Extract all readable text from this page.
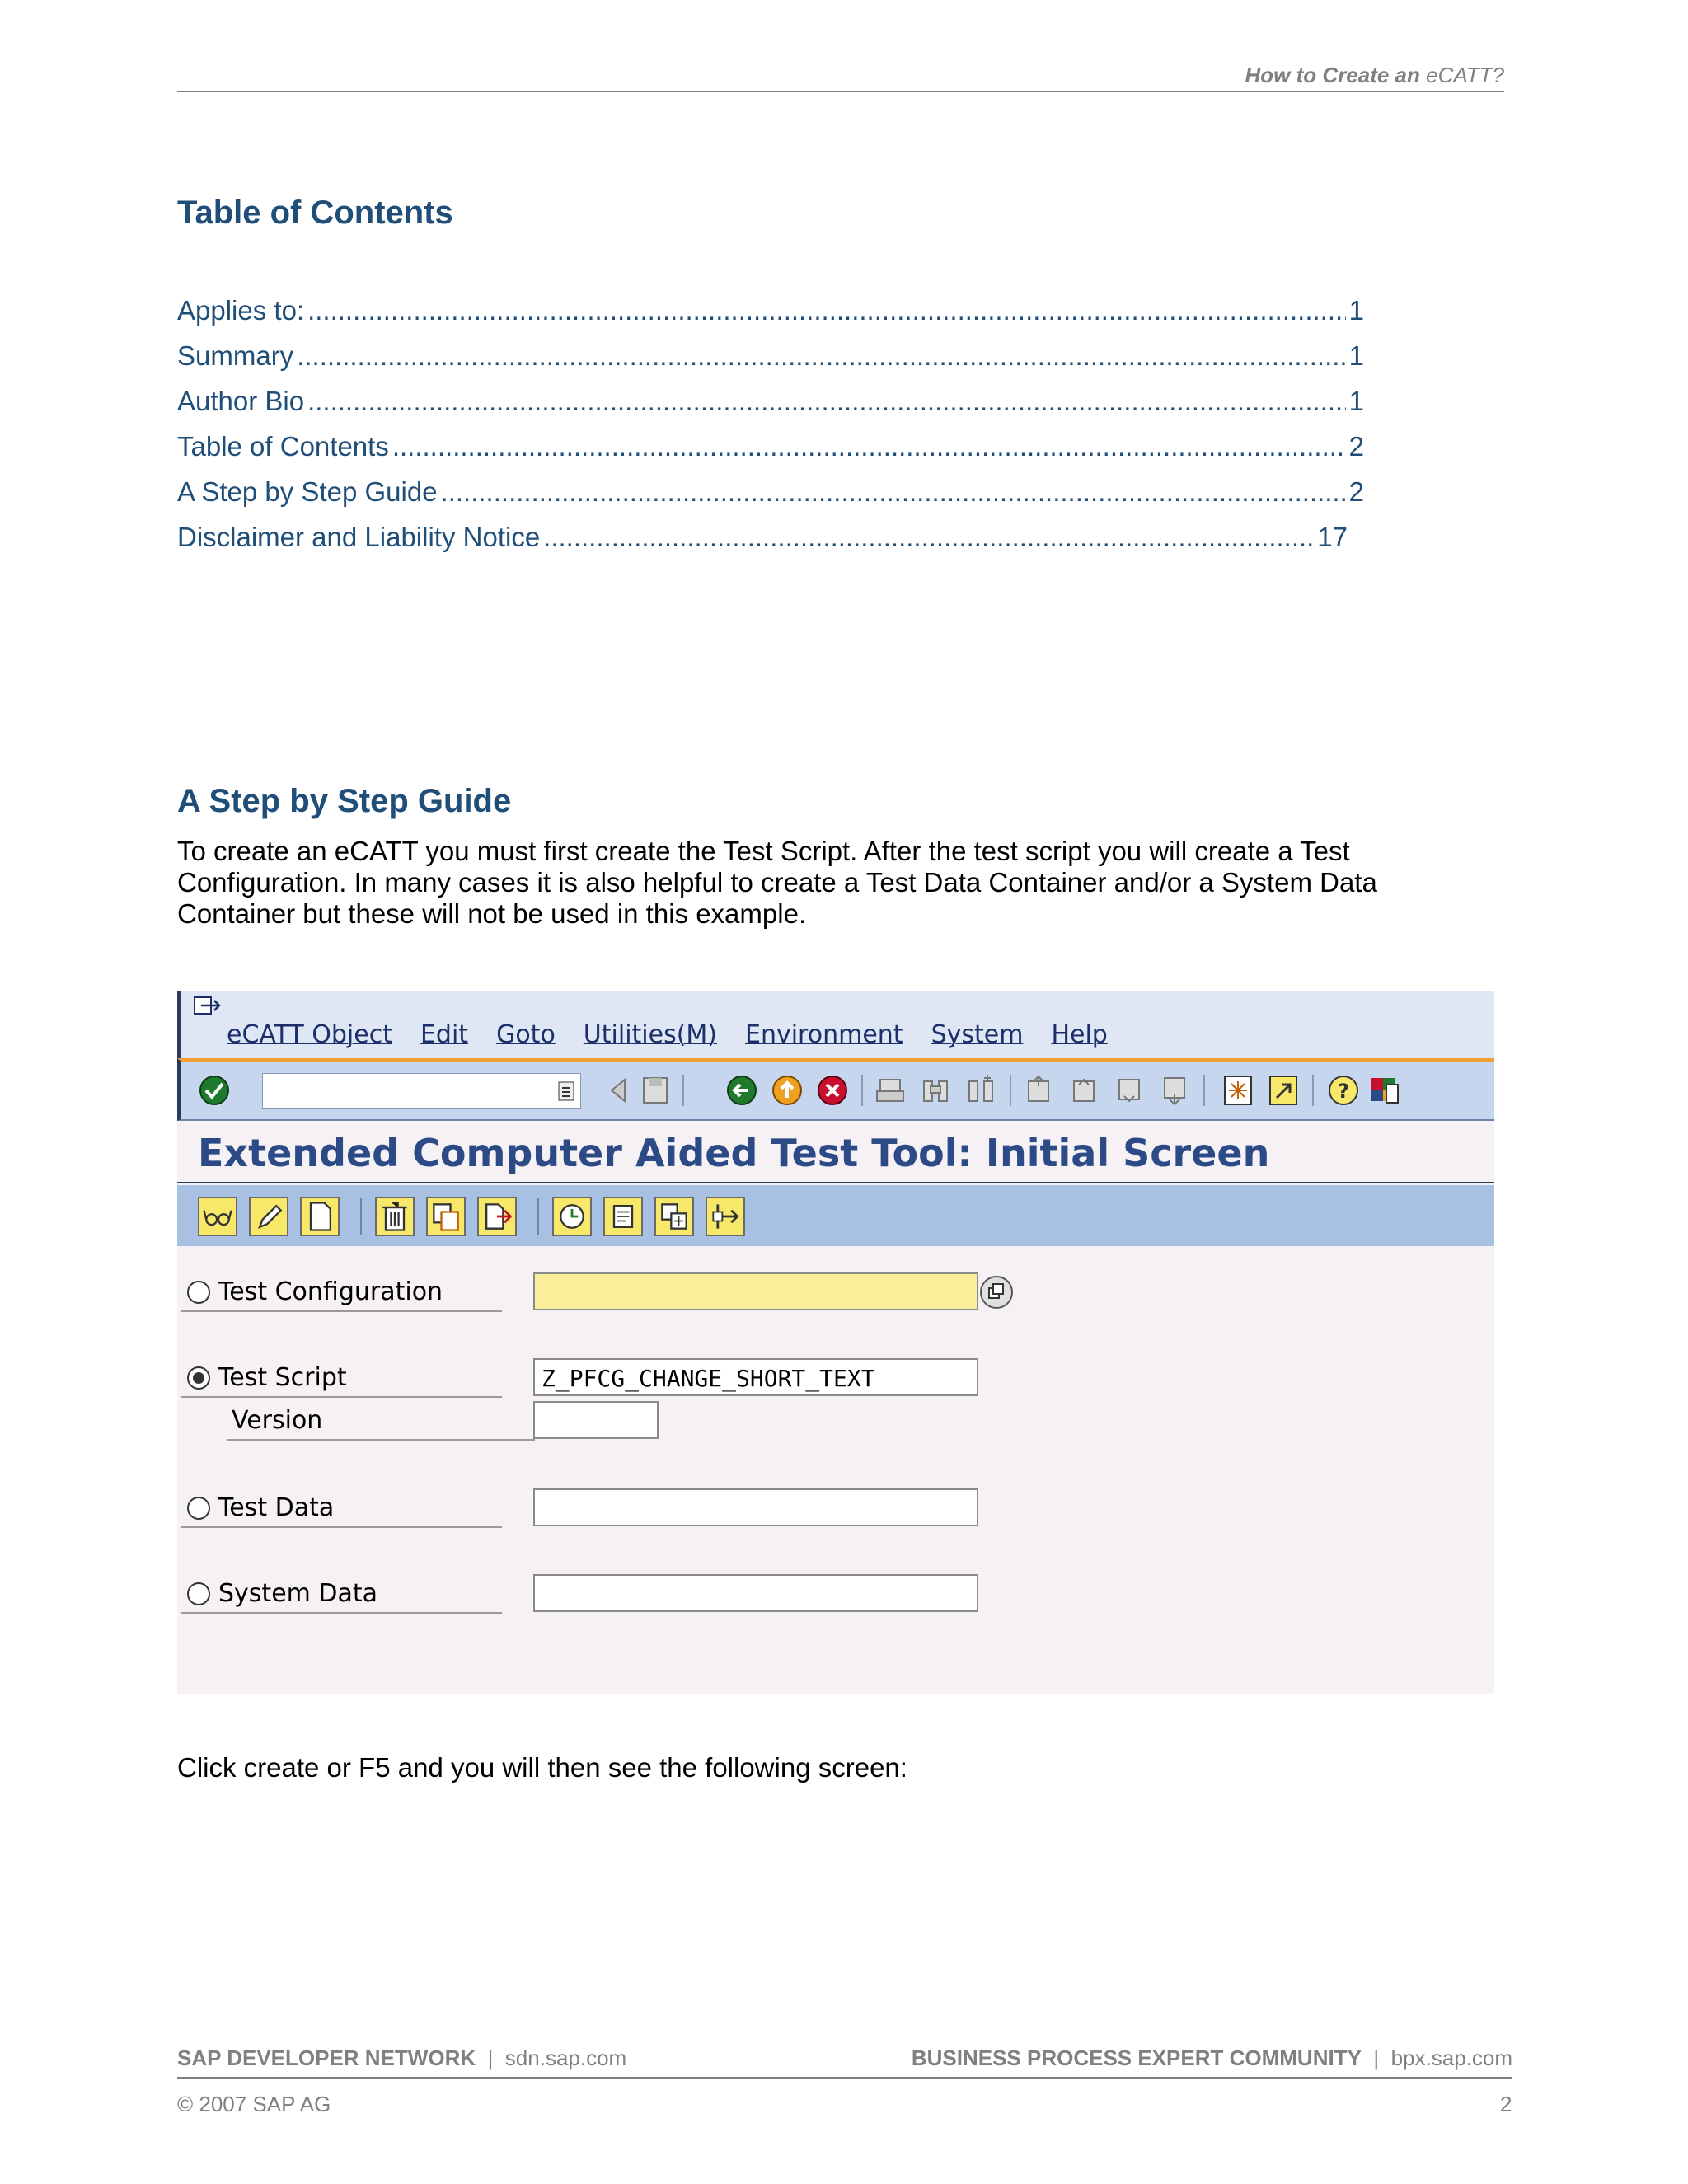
How to Create an eCATT?
Table of Contents
Applies to: .....	1
Summary .....	1
Author Bio .....	1
Table of Contents .....	2
A Step by Step Guide .....	2
Disclaimer and Liability Notice .....	17
A Step by Step Guide
To create an eCATT you must first create the Test Script. After the test script you will create a Test Configuration. In many cases it is also helpful to create a Test Data Container and/or a System Data Container but these will not be used in this example.
eCATT Object Edit Goto Utilities(M) Environment System Help
?
Extended Computer Aided Test Tool: Initial Screen
Test Configuration
Test Script	Z_PFCG_CHANGE_SHORT_TEXT
Version
Test Data
System Data
Click create or F5 and you will then see the following screen:
SAP DEVELOPER NETWORK | sdn.sap.com	BUSINESS PROCESS EXPERT COMMUNITY | bpx.sap.com
© 2007 SAP AG	2
